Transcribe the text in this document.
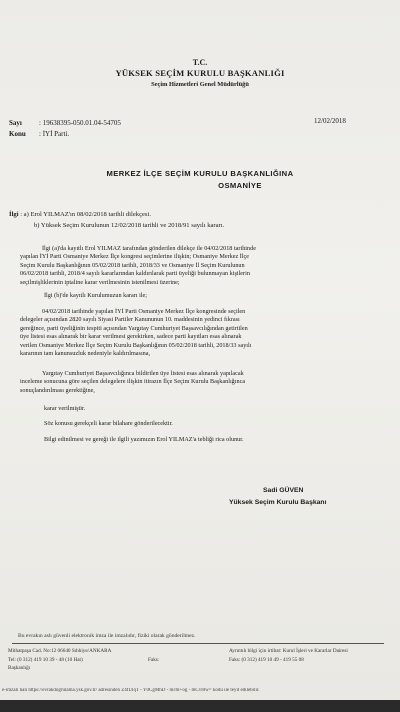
T.C.
YÜKSEK SEÇİM KURULU BAŞKANLIĞI
Seçim Hizmetleri Genel Müdürlüğü
Sayı : 19638395-050.01.04-54705	12/02/2018
Konu : İYİ Parti.
MERKEZ İLÇE SEÇİM KURULU BAŞKANLIĞINA
OSMANİYE
İlgi : a) Erol YILMAZ'ın 08/02/2018 tarihli dilekçesi.
b) Yüksek Seçim Kurulunun 12/02/2018 tarihli ve 2018/91 sayılı kararı.

İlgi (a)'da kayıtlı Erol YILMAZ tarafından gönderilen dilekçe ile 04/02/2018 tarihinde

yapılan İYİ Parti Osmaniye Merkez İlçe kongresi seçimlerine ilişkin; Osmaniye Merkez İlçe

Seçim Kurulu Başkanlığının 05/02/2018 tarihli, 2018/33 ve Osmaniye İl Seçim Kurulunun

06/02/2018 tarihli, 2018/4 sayılı kararlarından kaldırılarak parti üyeliği bulunmayan kişilerin

seçilmişliklerinin iptaline karar verilmesinin istenilmesi üzerine;

İlgi (b)'de kayıtlı Kurulumuzun kararı ile;

04/02/2018 tarihinde yapılan İYİ Parti Osmaniye Merkez İlçe kongresinde seçilen

delegeler açısından 2820 sayılı Siyasi Partiler Kanununun 10. maddesinin yedinci fıkrası

gereğince, parti üyeliğinin tespiti açısından Yargıtay Cumhuriyet Başsavcılığından getirtilen

üye listesi esas alınarak bir karar verilmesi gerekirken, sadece parti kayıtları esas alınarak

verilen Osmaniye Merkez İlçe Seçim Kurulu Başkanlığının 05/02/2018 tarihli, 2018/33 sayılı

kararının tam kanunsuzluk nedeniyle kaldırılmasına,

Yargıtay Cumhuriyet Başsavcılığınca bildirilen üye listesi esas alınarak yapılacak

inceleme sonucuna göre seçilen delegelere ilişkin itirazın İlçe Seçim Kurulu Başkanlığınca

sonuçlandırılması gerektiğine,

karar verilmiştir.
Söz konusu gerekçeli karar bilahare gönderilecektir.
Bilgi edinilmesi ve gereği ile ilgili yazımızın Erol YILMAZ'a tebliği rica olunur.
Sadi GÜVEN
Yüksek Seçim Kurulu Başkanı
Bu evrakın aslı güvenli elektronik imza ile imzalıdır, fiziki olarak gönderilmez.
Mithatpaşa Cad. No:12 06640 Sıhhiye/ANKARA
Tel: (0 312) 419 10 39 - 48 (10 Hat)
Başkanlığı
Ayrıntılı bilgi için irtibat: Kurul İşleri ve Kararlar Dairesi
Faks: (0 312) 419 10 49 - 419 55 08
Faks:
e-imzalı hali https://evrakdogrulama.ysk.gov.tr/ adresinden Z4fUlqT - Y0CgMhD - mc6l+og - mCvl0w= kodu ile teyit edilebilir.
